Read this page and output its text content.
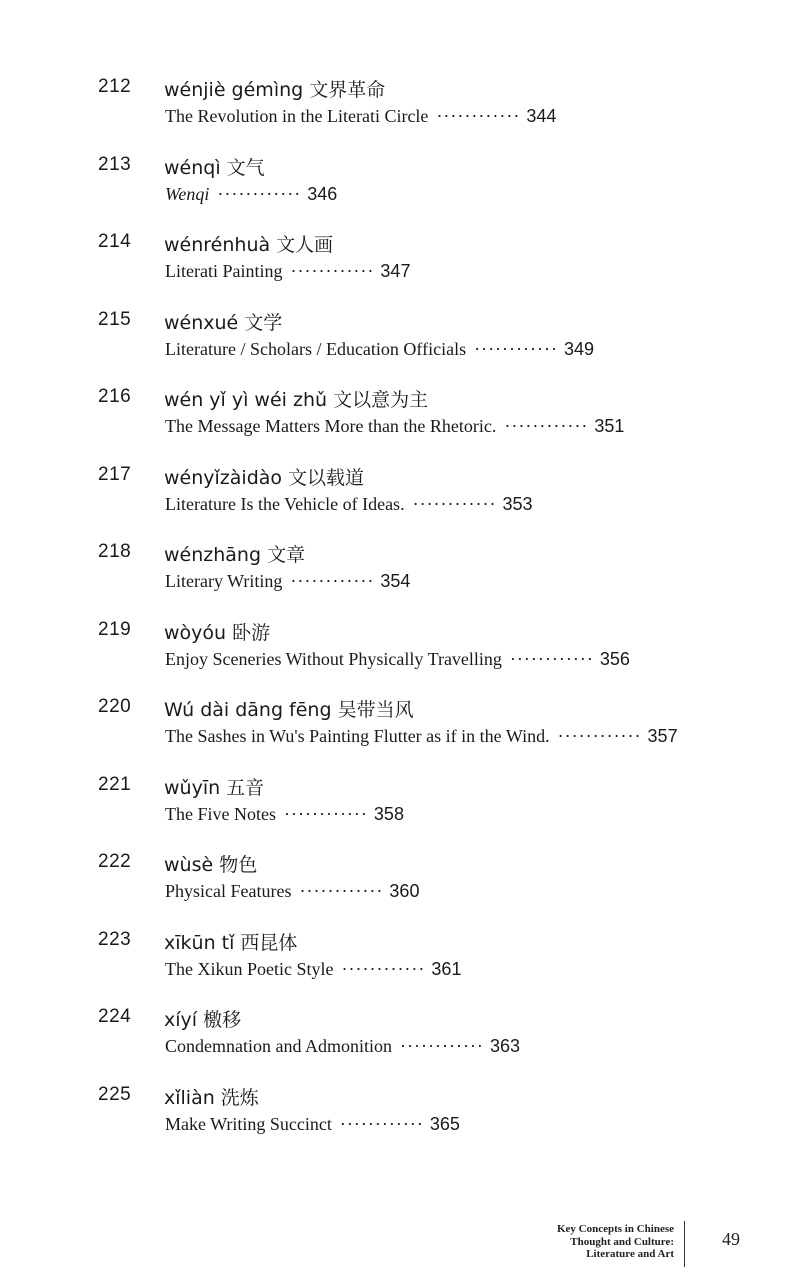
212 wénjiè gémìng 文界革命
The Revolution in the Literati Circle ············ 344
213 wénqì 文气
Wenqi ············ 346
214 wénrénhuà 文人画
Literati Painting ············ 347
215 wénxué 文学
Literature / Scholars / Education Officials ············ 349
216 wén yǐ yì wéi zhǔ 文以意为主
The Message Matters More than the Rhetoric. ············ 351
217 wényǐzàidào 文以载道
Literature Is the Vehicle of Ideas. ············ 353
218 wénzhāng 文章
Literary Writing ············ 354
219 wòyóu 卧游
Enjoy Sceneries Without Physically Travelling ············ 356
220 Wú dài dāng fēng 吴带当风
The Sashes in Wu's Painting Flutter as if in the Wind. ············ 357
221 wǔyīn 五音
The Five Notes ············ 358
222 wùsè 物色
Physical Features ············ 360
223 xīkūn tǐ 西昆体
The Xikun Poetic Style ············ 361
224 xíyí 檄移
Condemnation and Admonition ············ 363
225 xǐliàn 洗炼
Make Writing Succinct ············ 365
Key Concepts in Chinese
Thought and Culture:
Literature and Art
49
